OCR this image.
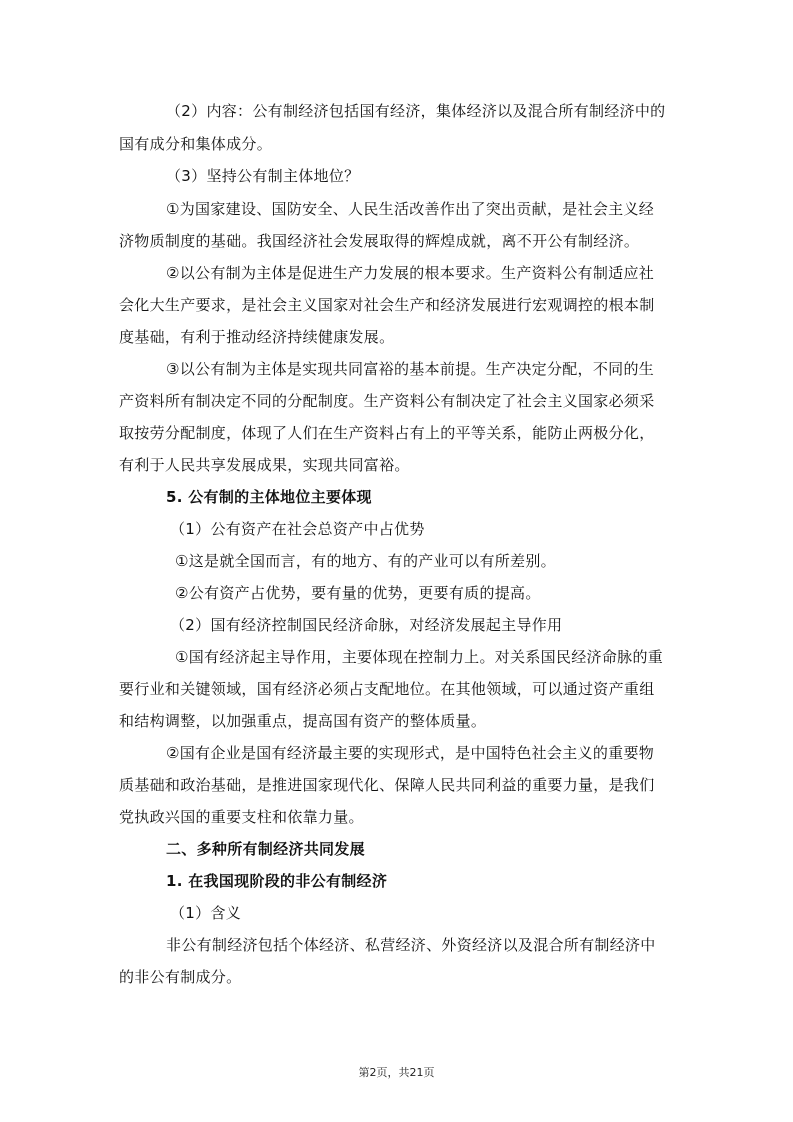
（2）内容：公有制经济包括国有经济，集体经济以及混合所有制经济中的
国有成分和集体成分。
（3）坚持公有制主体地位？
①为国家建设、国防安全、人民生活改善作出了突出贡献，是社会主义经
济物质制度的基础。我国经济社会发展取得的辉煌成就，离不开公有制经济。
②以公有制为主体是促进生产力发展的根本要求。生产资料公有制适应社
会化大生产要求，是社会主义国家对社会生产和经济发展进行宏观调控的根本制
度基础，有利于推动经济持续健康发展。
③以公有制为主体是实现共同富裕的基本前提。生产决定分配，不同的生
产资料所有制决定不同的分配制度。生产资料公有制决定了社会主义国家必须采
取按劳分配制度，体现了人们在生产资料占有上的平等关系，能防止两极分化，
有利于人民共享发展成果，实现共同富裕。
5. 公有制的主体地位主要体现
（1）公有资产在社会总资产中占优势
①这是就全国而言，有的地方、有的产业可以有所差别。
②公有资产占优势，要有量的优势，更要有质的提高。
（2）国有经济控制国民经济命脉，对经济发展起主导作用
①国有经济起主导作用，主要体现在控制力上。对关系国民经济命脉的重
要行业和关键领域，国有经济必须占支配地位。在其他领域，可以通过资产重组
和结构调整，以加强重点，提高国有资产的整体质量。
②国有企业是国有经济最主要的实现形式，是中国特色社会主义的重要物
质基础和政治基础，是推进国家现代化、保障人民共同利益的重要力量，是我们
党执政兴国的重要支柱和依靠力量。
二、多种所有制经济共同发展
1. 在我国现阶段的非公有制经济
（1）含义
非公有制经济包括个体经济、私营经济、外资经济以及混合所有制经济中
的非公有制成分。
第2页，共21页
